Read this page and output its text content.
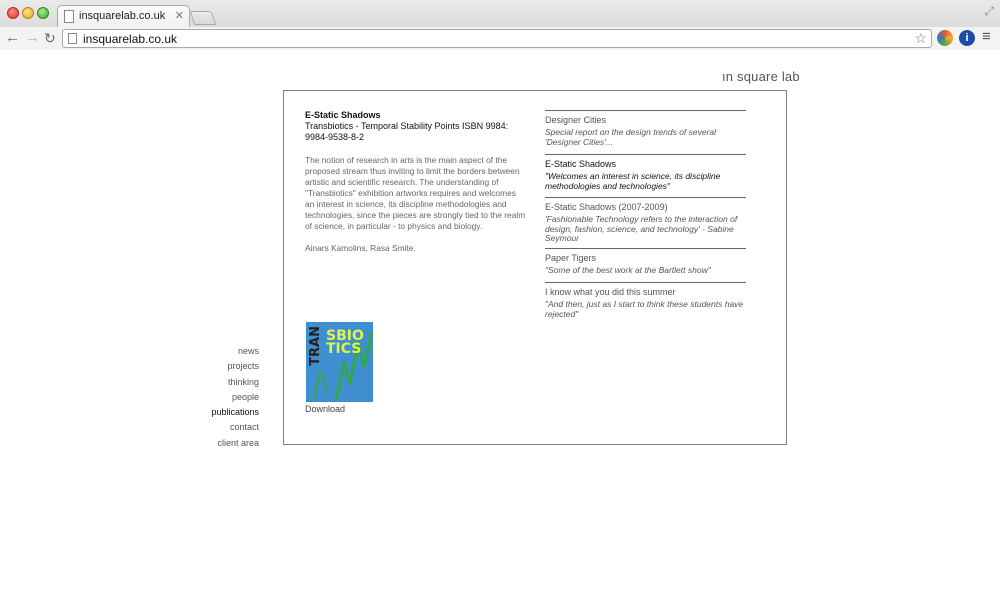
insquarelab.co.uk ✕	⤢
← → ↻ insquarelab.co.uk	☆	i ≡
ın square lab
news
projects
thinking
people
publications
contact
client area
E-Static Shadows
Transbiotics - Temporal Stability Points ISBN 9984: 9984-9538-8-2
The notion of research in arts is the main aspect of the proposed stream thus inviting to limit the borders between artistic and scientific research. The understanding of "Transbiotics" exhibition artworks requires and welcomes an interest in science, its discipline methodologies and technologies, since the pieces are strongly tied to the realm of science, in particular - to physics and biology.
Ainars Kamolins, Rasa Smite.
TRAN SBIO TICS
Download
Designer Cities
Special report on the design trends of several 'Designer Cities'...
E-Static Shadows
"Welcomes an interest in science, its discipline methodologies and technologies"
E-Static Shadows (2007-2009)
'Fashionable Technology refers to the interaction of design, fashion, science, and technology' - Sabine Seymour
Paper Tigers
"Some of the best work at the Bartlett show"
I know what you did this summer
"And then, just as I start to think these students have rejected"
